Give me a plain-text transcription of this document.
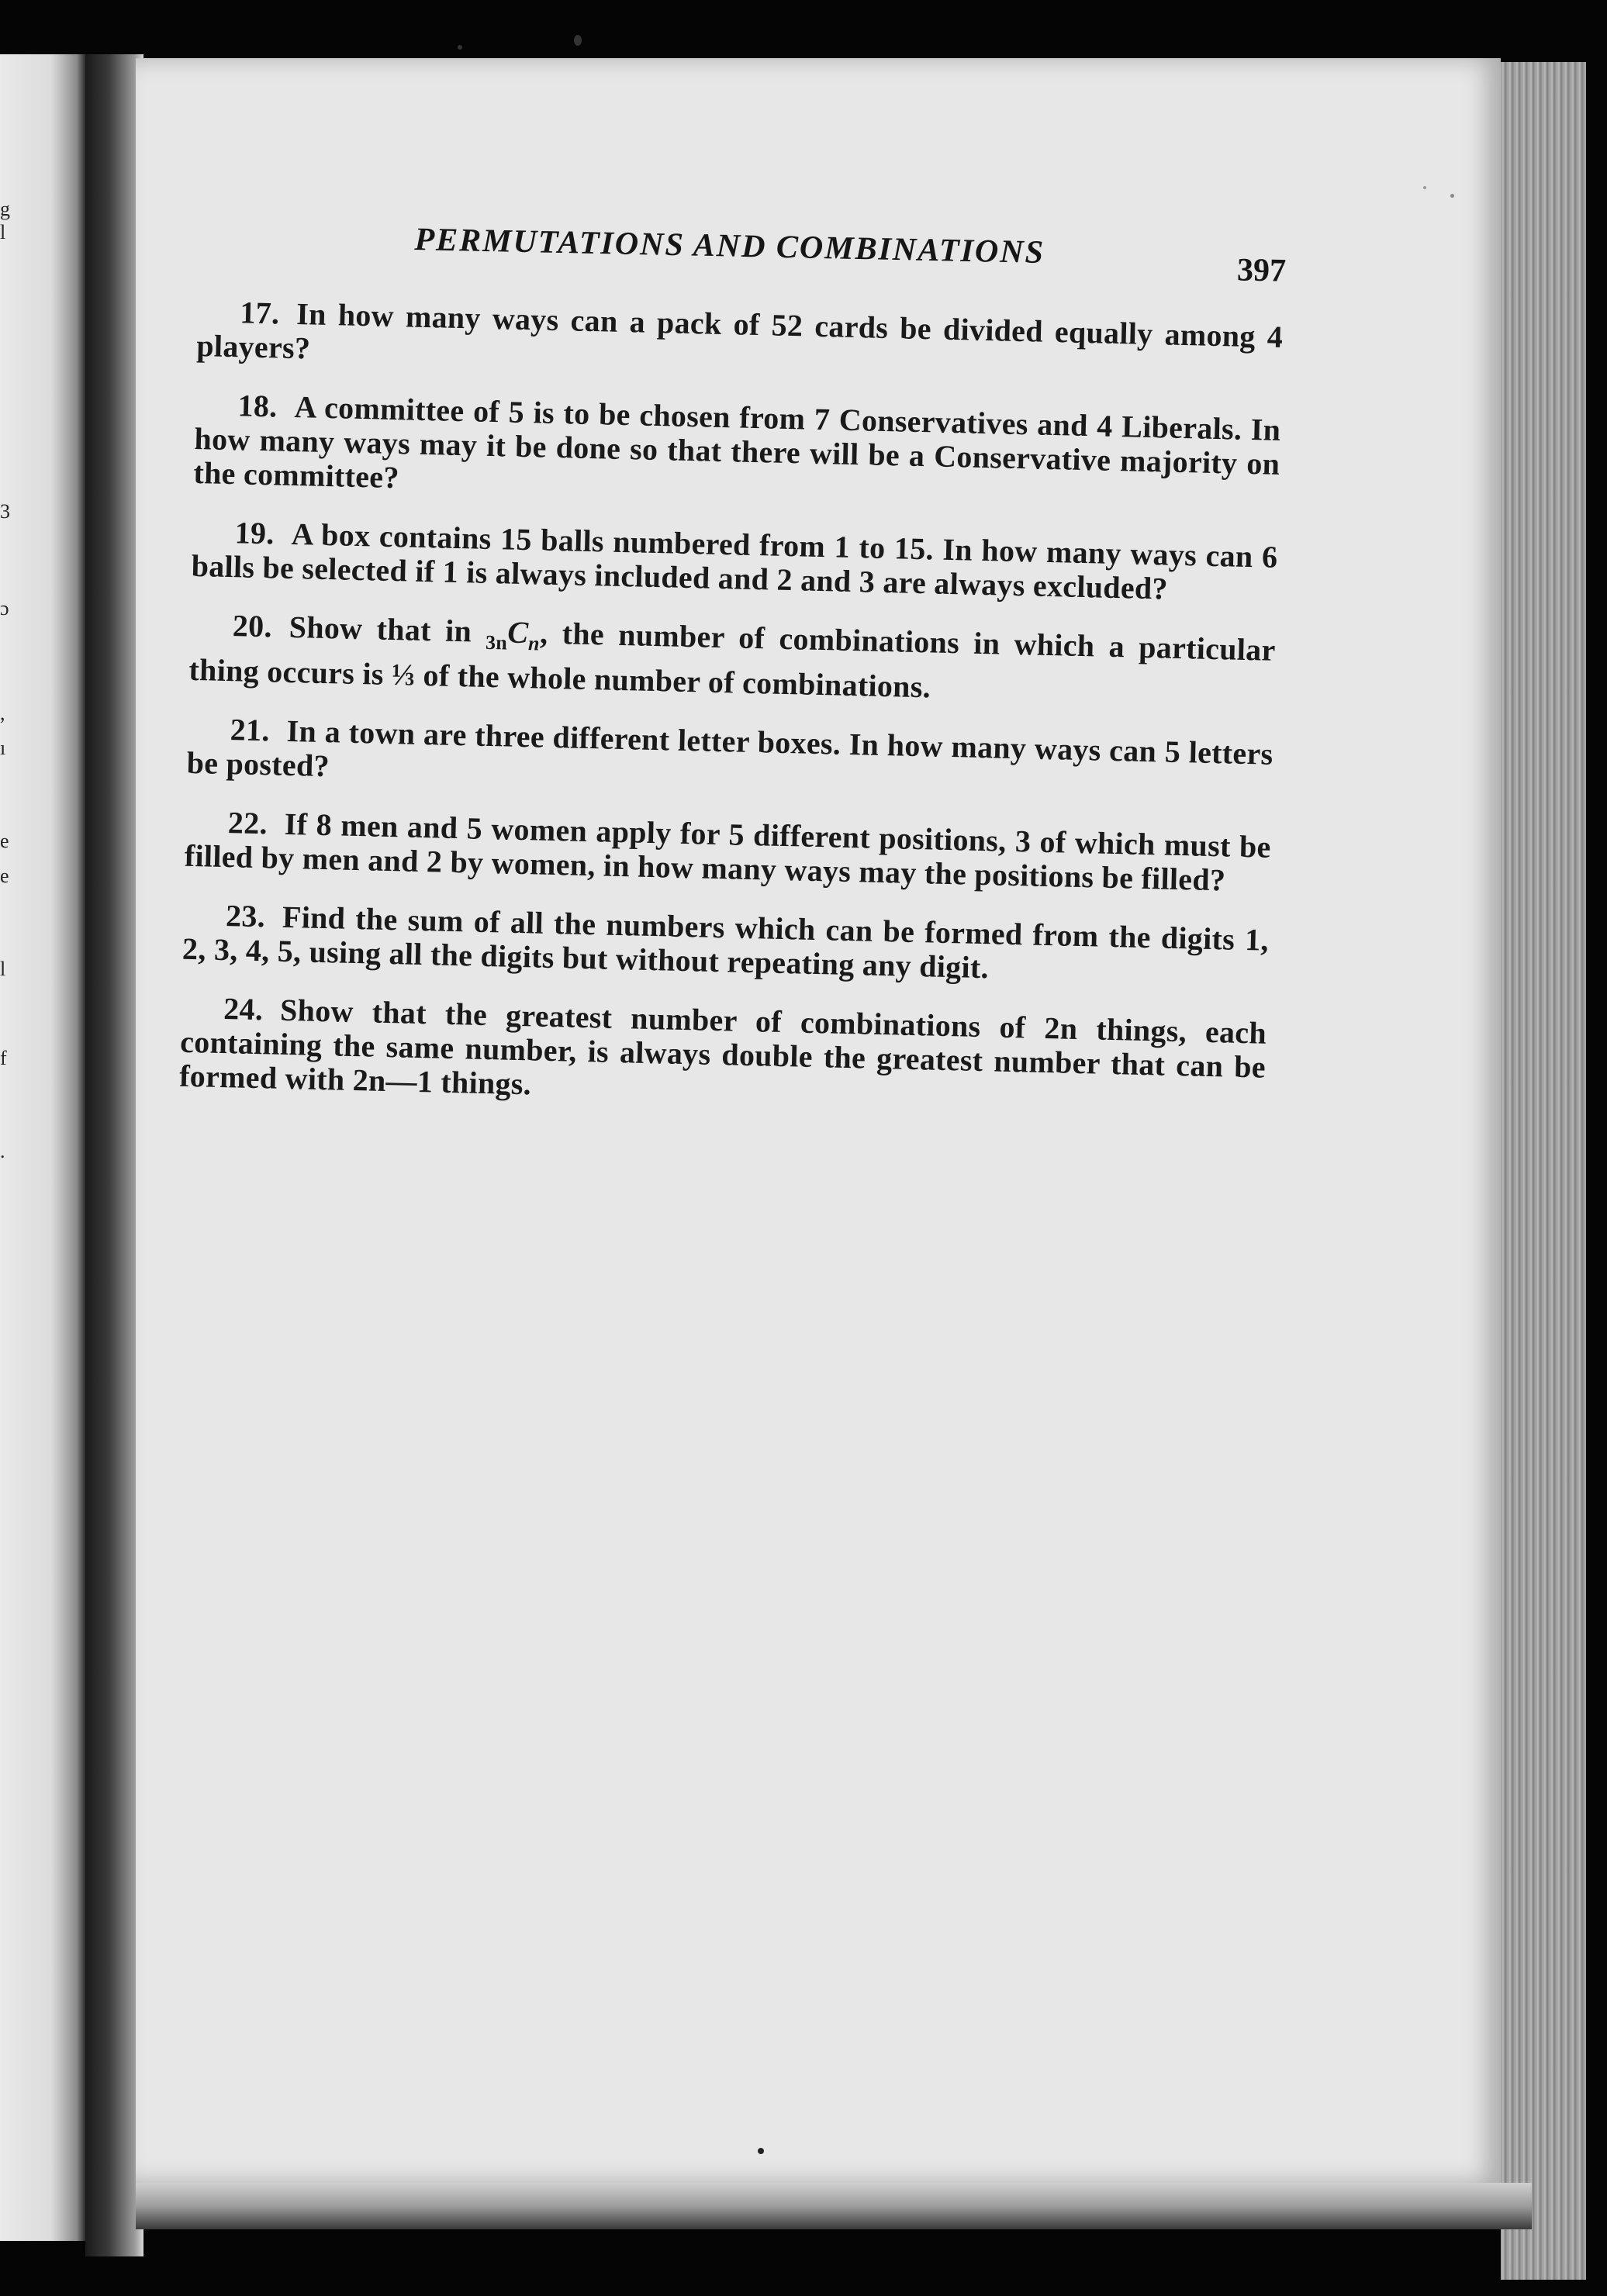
g
l
3
ɔ
,
ı
e
e
l
f
.
PERMUTATIONS AND COMBINATIONS	397

17. In how many ways can a pack of 52 cards be divided equally among 4 players?

18. A committee of 5 is to be chosen from 7 Conservatives and 4 Liberals. In how many ways may it be done so that there will be a Conservative majority on the committee?

19. A box contains 15 balls numbered from 1 to 15. In how many ways can 6 balls be selected if 1 is always included and 2 and 3 are always excluded?

20. Show that in $_{3n}C_n$, the number of combinations in which a particular thing occurs is ⅓ of the whole number of combinations.

21. In a town are three different letter boxes. In how many ways can 5 letters be posted?

22. If 8 men and 5 women apply for 5 different positions, 3 of which must be filled by men and 2 by women, in how many ways may the positions be filled?

23. Find the sum of all the numbers which can be formed from the digits 1, 2, 3, 4, 5, using all the digits but without repeating any digit.

24. Show that the greatest number of combinations of 2n things, each containing the same number, is always double the greatest number that can be formed with 2n—1 things.
